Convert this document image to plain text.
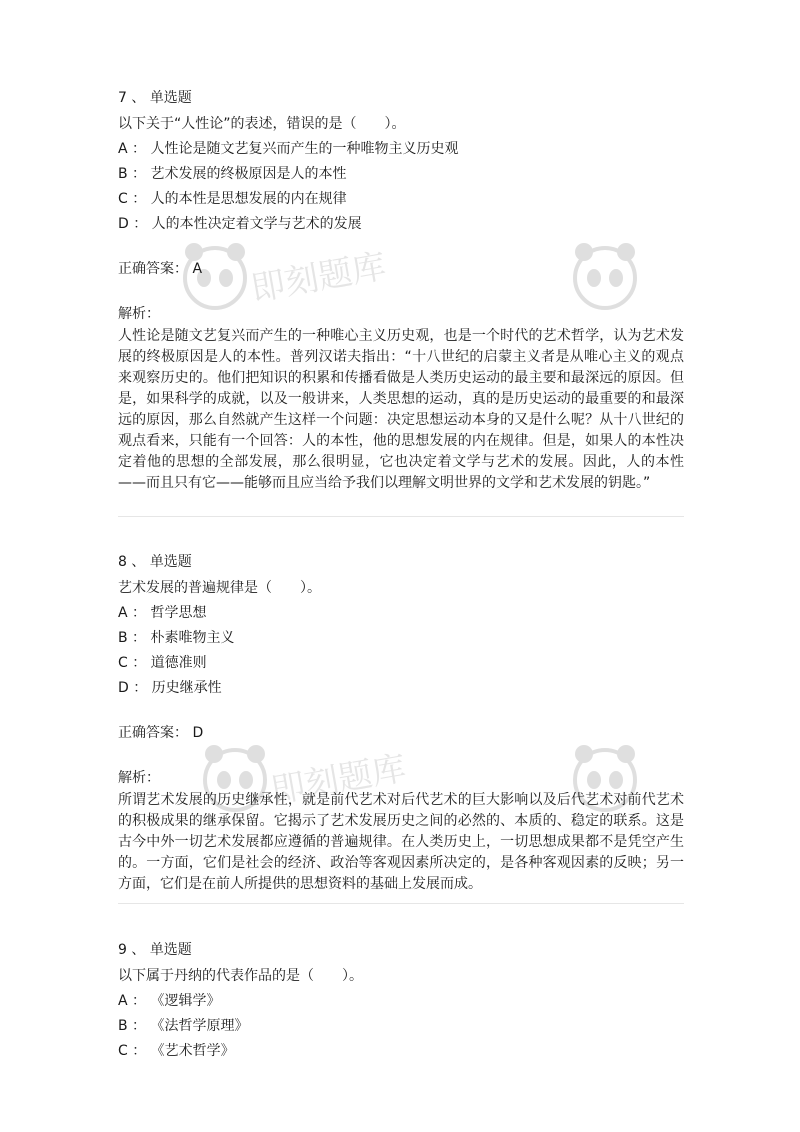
即刻题库
即刻题库
7 、 单选题
以下关于“人性论”的表述，错误的是（　　）。
A ： 人性论是随文艺复兴而产生的一种唯物主义历史观
B ： 艺术发展的终极原因是人的本性
C ： 人的本性是思想发展的内在规律
D ： 人的本性决定着文学与艺术的发展
正确答案： A
解析：
人性论是随文艺复兴而产生的一种唯心主义历史观，也是一个时代的艺术哲学，认为艺术发展的终极原因是人的本性。普列汉诺夫指出：“十八世纪的启蒙主义者是从唯心主义的观点来观察历史的。他们把知识的积累和传播看做是人类历史运动的最主要和最深远的原因。但是，如果科学的成就，以及一般讲来，人类思想的运动，真的是历史运动的最重要的和最深远的原因，那么自然就产生这样一个问题：决定思想运动本身的又是什么呢？从十八世纪的观点看来，只能有一个回答：人的本性，他的思想发展的内在规律。但是，如果人的本性决定着他的思想的全部发展，那么很明显，它也决定着文学与艺术的发展。因此，人的本性——而且只有它——能够而且应当给予我们以理解文明世界的文学和艺术发展的钥匙。”
8 、 单选题
艺术发展的普遍规律是（　　）。
A ： 哲学思想
B ： 朴素唯物主义
C ： 道德准则
D ： 历史继承性
正确答案： D
解析：
所谓艺术发展的历史继承性，就是前代艺术对后代艺术的巨大影响以及后代艺术对前代艺术的积极成果的继承保留。它揭示了艺术发展历史之间的必然的、本质的、稳定的联系。这是古今中外一切艺术发展都应遵循的普遍规律。在人类历史上，一切思想成果都不是凭空产生的。一方面，它们是社会的经济、政治等客观因素所决定的，是各种客观因素的反映；另一方面，它们是在前人所提供的思想资料的基础上发展而成。
9 、 单选题
以下属于丹纳的代表作品的是（　　）。
A ： 《逻辑学》
B ： 《法哲学原理》
C ： 《艺术哲学》
